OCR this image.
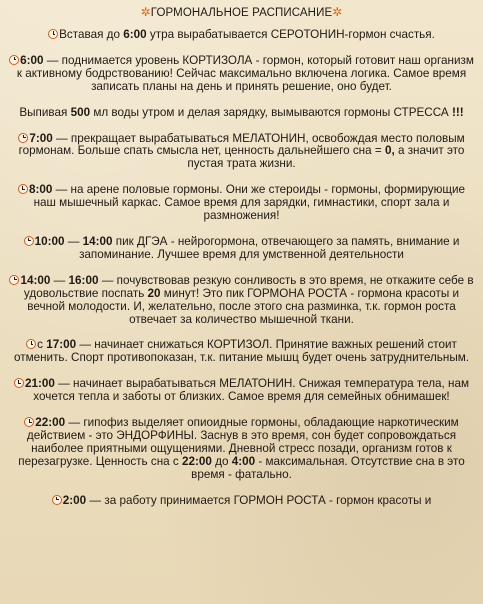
✲ГОРМОНАЛЬНОЕ РАСПИСАНИЕ✲
Вставая до 6:00 утра вырабатывается СЕРОТОНИН-гормон счастья.
6:00 — поднимается уровень КОРТИЗОЛА - гормон, который готовит наш организм к активному бодрствованию! Сейчас максимально включена логика. Самое время записать планы на день и принять решение, оно будет.
Выпивая 500 мл воды утром и делая зарядку, вымываются гормоны СТРЕССА !!!
7:00 — прекращает вырабатываться МЕЛАТОНИН, освобождая место половым гормонам. Больше спать смысла нет, ценность дальнейшего сна = 0, а значит это пустая трата жизни.
8:00 — на арене половые гормоны. Они же стероиды - гормоны, формирующие наш мышечный каркас. Самое время для зарядки, гимнастики, спорт зала и размножения!
10:00 — 14:00 пик ДГЭА - нейрогормона, отвечающего за память, внимание и запоминание. Лучшее время для умственной деятельности
14:00 — 16:00 — почувствовав резкую сонливость в это время, не откажите себе в удовольствие поспать 20 минут! Это пик ГОРМОНА РОСТА - гормона красоты и вечной молодости. И, желательно, после этого сна разминка, т.к. гормон роста отвечает за количество мышечной ткани.
с 17:00 — начинает снижаться КОРТИЗОЛ. Принятие важных решений стоит отменить. Спорт противопоказан, т.к. питание мышц будет очень затруднительным.
21:00 — начинает вырабатываться МЕЛАТОНИН. Снижая температура тела, нам хочется тепла и заботы от близких. Самое время для семейных обнимашек!
22:00 — гипофиз выделяет опиоидные гормоны, обладающие наркотическим действием - это ЭНДОРФИНЫ. Заснув в это время, сон будет сопровождаться наиболее приятными ощущениями. Дневной стресс позади, организм готов к перезагрузке. Ценность сна с 22:00 до 4:00 - максимальная. Отсутствие сна в это время - фатально.
2:00 — за работу принимается ГОРМОН РОСТА - гормон красоты и
